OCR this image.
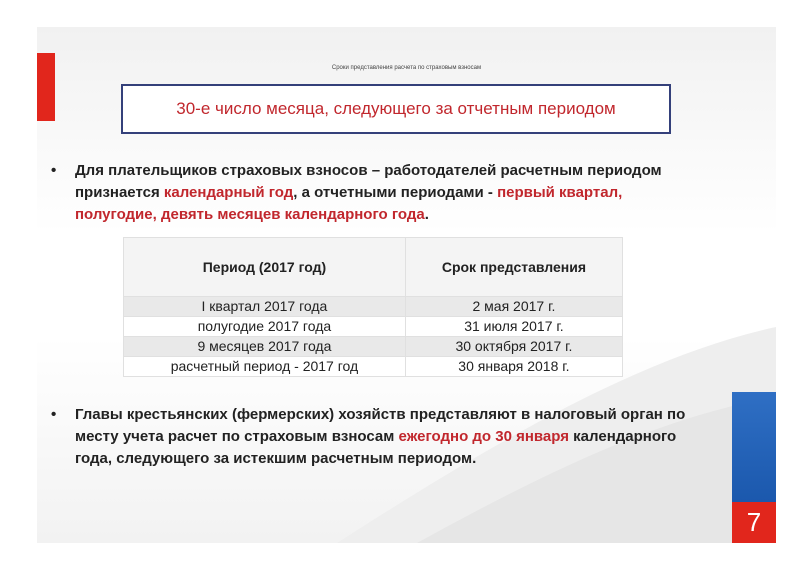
Сроки представления расчета по страховым взносам
30-е число месяца, следующего за отчетным периодом
• Для плательщиков страховых взносов – работодателей расчетным периодом признается календарный год, а отчетными периодами - первый квартал, полугодие, девять месяцев календарного года.
Период (2017 год)	Срок представления
I квартал 2017 года	2 мая 2017 г.
полугодие 2017 года	31 июля 2017 г.
9 месяцев 2017 года	30 октября 2017 г.
расчетный период - 2017 год	30 января 2018 г.
• Главы крестьянских (фермерских) хозяйств представляют в налоговый орган по месту учета расчет по страховым взносам ежегодно до 30 января календарного года, следующего за истекшим расчетным периодом.
7
